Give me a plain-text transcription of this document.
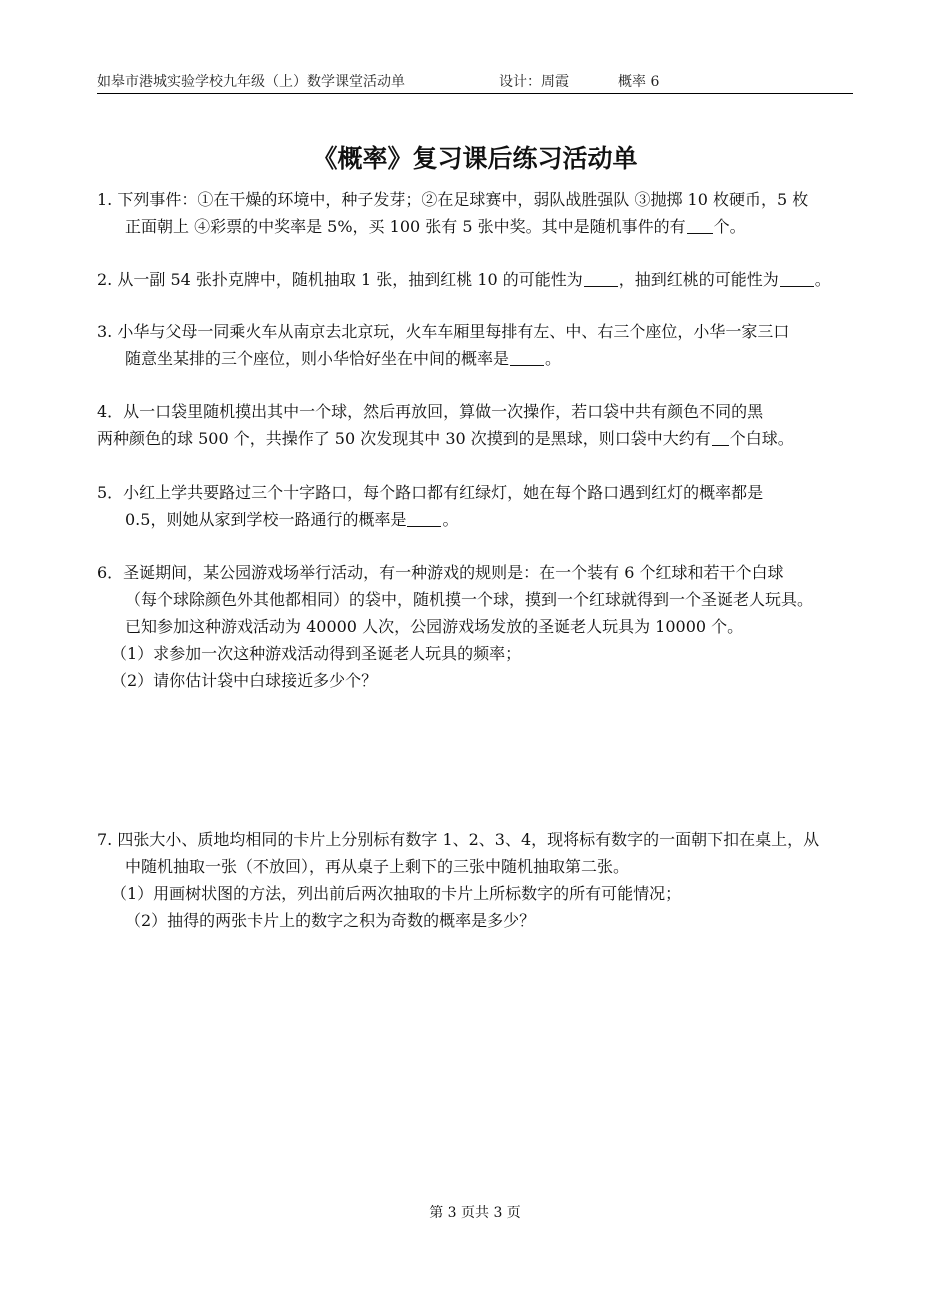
如皋市港城实验学校九年级（上）数学课堂活动单	设计：周霞	概率 6
《概率》复习课后练习活动单
1. 下列事件：①在干燥的环境中，种子发芽；②在足球赛中，弱队战胜强队 ③抛掷 10 枚硬币，5 枚
正面朝上 ④彩票的中奖率是 5%，买 100 张有 5 张中奖。其中是随机事件的有 个。
2. 从一副 54 张扑克牌中，随机抽取 1 张，抽到红桃 10 的可能性为 ，抽到红桃的可能性为 。
3. 小华与父母一同乘火车从南京去北京玩，火车车厢里每排有左、中、右三个座位，小华一家三口
随意坐某排的三个座位，则小华恰好坐在中间的概率是 。
4．从一口袋里随机摸出其中一个球，然后再放回，算做一次操作，若口袋中共有颜色不同的黑
两种颜色的球 500 个，共操作了 50 次发现其中 30 次摸到的是黑球，则口袋中大约有 个白球。
5．小红上学共要路过三个十字路口，每个路口都有红绿灯，她在每个路口遇到红灯的概率都是
0.5，则她从家到学校一路通行的概率是 。
6．圣诞期间，某公园游戏场举行活动，有一种游戏的规则是：在一个装有 6 个红球和若干个白球
（每个球除颜色外其他都相同）的袋中，随机摸一个球，摸到一个红球就得到一个圣诞老人玩具。
已知参加这种游戏活动为 40000 人次，公园游戏场发放的圣诞老人玩具为 10000 个。
（1）求参加一次这种游戏活动得到圣诞老人玩具的频率；
（2）请你估计袋中白球接近多少个？
7. 四张大小、质地均相同的卡片上分别标有数字 1、2、3、4，现将标有数字的一面朝下扣在桌上，从
中随机抽取一张（不放回），再从桌子上剩下的三张中随机抽取第二张。
（1）用画树状图的方法，列出前后两次抽取的卡片上所标数字的所有可能情况；
（2）抽得的两张卡片上的数字之积为奇数的概率是多少？
第 3 页共 3 页
